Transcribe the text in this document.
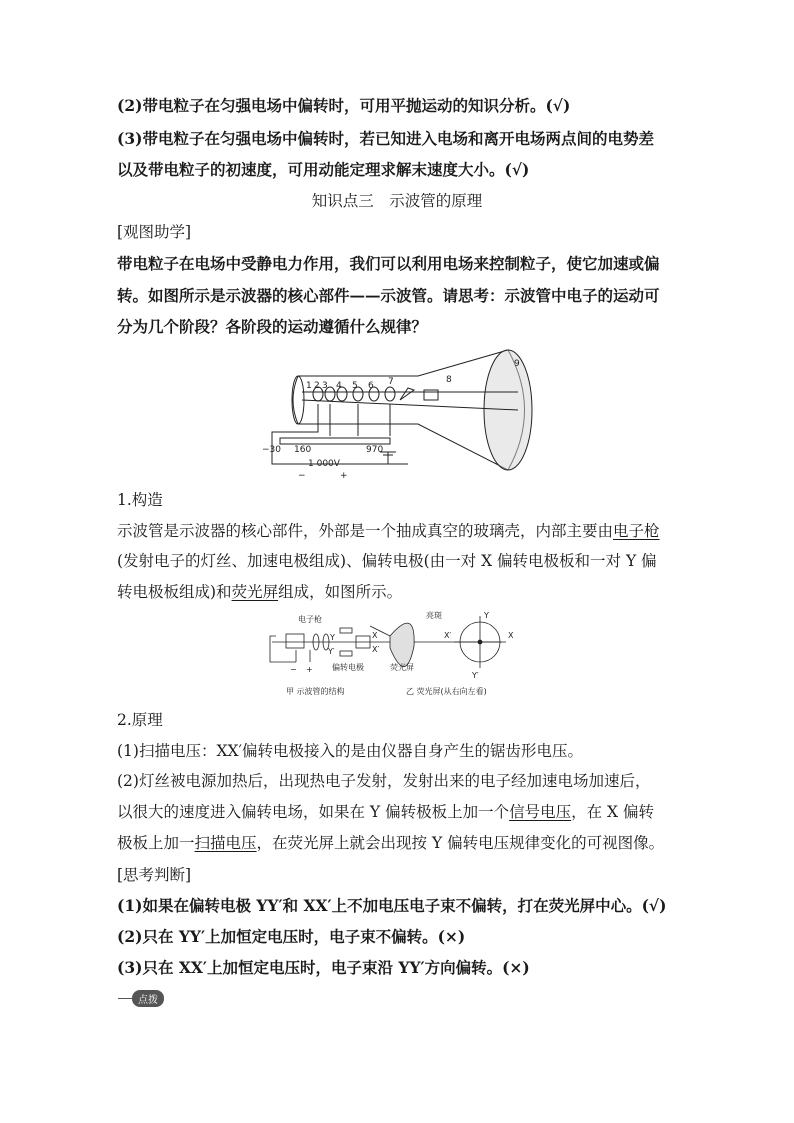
(2)带电粒子在匀强电场中偏转时，可用平抛运动的知识分析。(√)
(3)带电粒子在匀强电场中偏转时，若已知进入电场和离开电场两点间的电势差
以及带电粒子的初速度，可用动能定理求解末速度大小。(√)
知识点三　示波管的原理
[观图助学]
带电粒子在电场中受静电力作用，我们可以利用电场来控制粒子，使它加速或偏
转。如图所示是示波器的核心部件——示波管。请思考：示波管中电子的运动可
分为几个阶段？各阶段的运动遵循什么规律？
1 2 3 4 5 6 7	8
9
−30 160	970
1 000V
−	+
1.构造
示波管是示波器的核心部件，外部是一个抽成真空的玻璃壳，内部主要由电子枪
(发射电子的灯丝、加速电极组成)、偏转电极(由一对 X 偏转电极板和一对 Y 偏
转电极板组成)和荧光屏组成，如图所示。
电子枪
Y
Y′
X
X′
偏转电极	荧光屏
亮斑	Y
Y′
X
X′
− +
甲 示波管的结构	乙 荧光屏(从右向左看)
2.原理
(1)扫描电压：XX′偏转电极接入的是由仪器自身产生的锯齿形电压。
(2)灯丝被电源加热后，出现热电子发射，发射出来的电子经加速电场加速后，
以很大的速度进入偏转电场，如果在 Y 偏转极板上加一个信号电压，在 X 偏转
极板上加一扫描电压，在荧光屏上就会出现按 Y 偏转电压规律变化的可视图像。
[思考判断]
(1)如果在偏转电极 YY′和 XX′上不加电压电子束不偏转，打在荧光屏中心。(√)
(2)只在 YY′上加恒定电压时，电子束不偏转。(×)
(3)只在 XX′上加恒定电压时，电子束沿 YY′方向偏转。(×)
点拨
